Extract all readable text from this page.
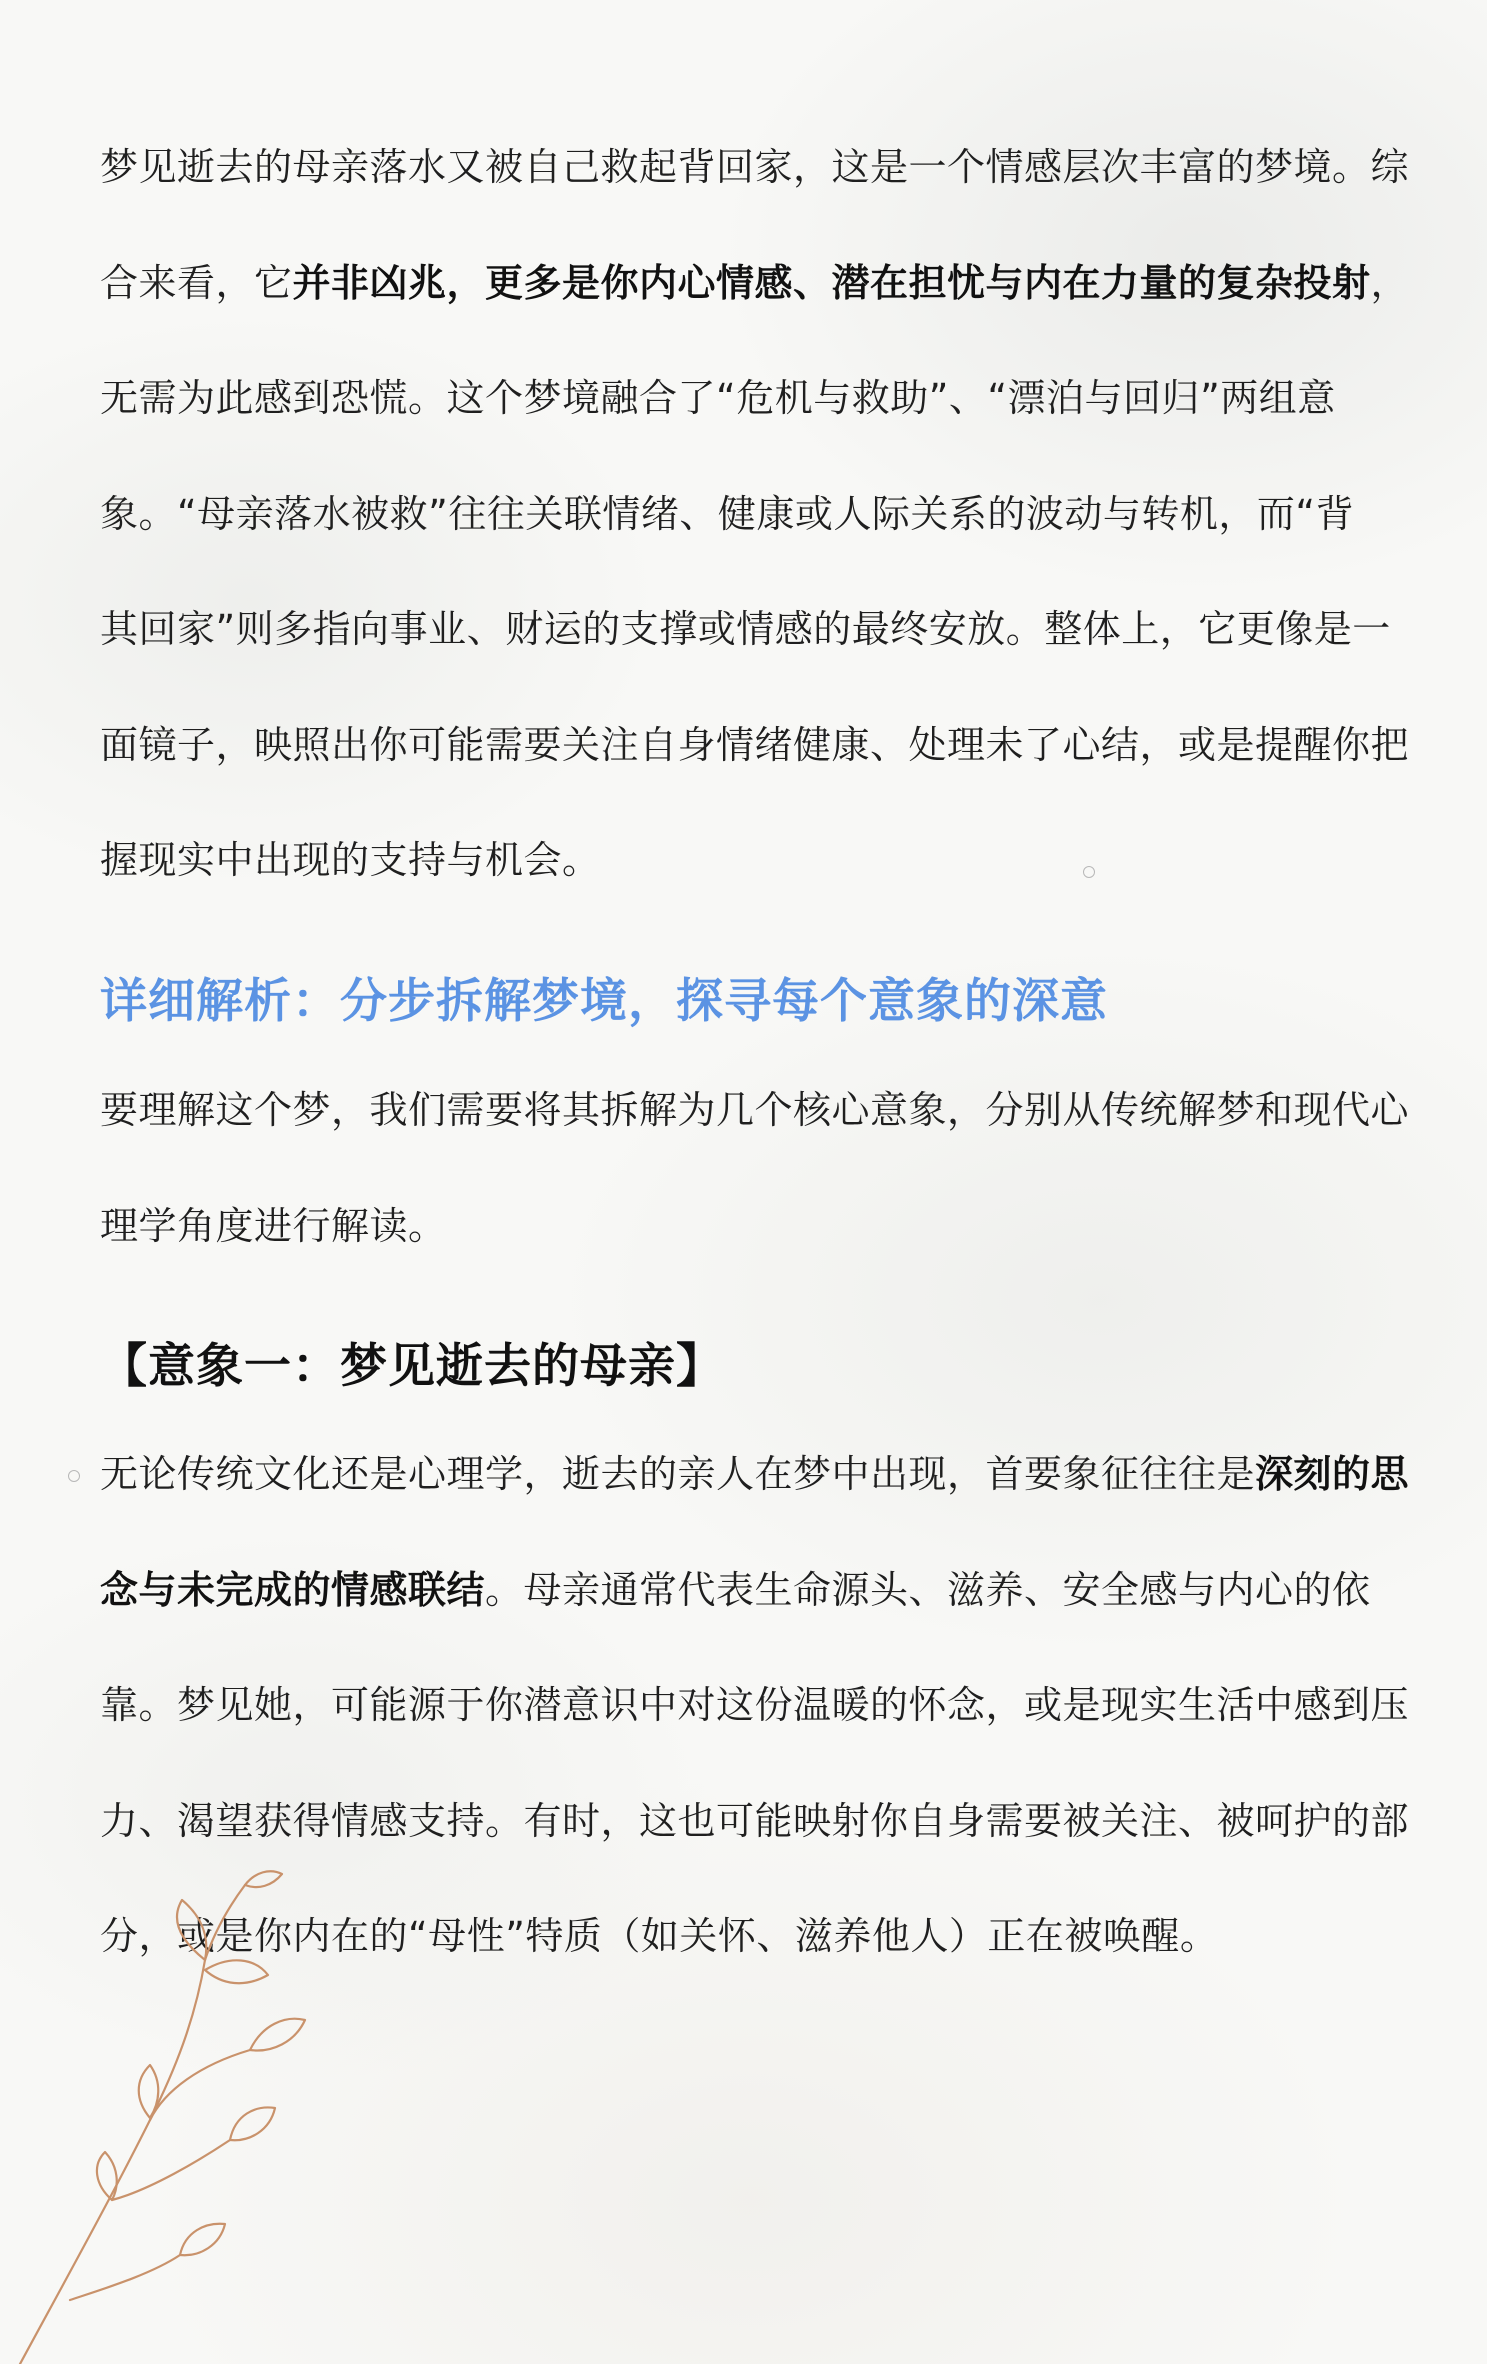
梦见逝去的母亲落水又被自己救起背回家，这是一个情感层次丰富的梦境。综
合来看，它并非凶兆，更多是你内心情感、潜在担忧与内在力量的复杂投射，
无需为此感到恐慌。这个梦境融合了“危机与救助”、“漂泊与回归”两组意
象。“母亲落水被救”往往关联情绪、健康或人际关系的波动与转机，而“背
其回家”则多指向事业、财运的支撑或情感的最终安放。整体上，它更像是一
面镜子，映照出你可能需要关注自身情绪健康、处理未了心结，或是提醒你把
握现实中出现的支持与机会。
详细解析：分步拆解梦境，探寻每个意象的深意
要理解这个梦，我们需要将其拆解为几个核心意象，分别从传统解梦和现代心
理学角度进行解读。
【意象一：梦见逝去的母亲】
无论传统文化还是心理学，逝去的亲人在梦中出现，首要象征往往是深刻的思
念与未完成的情感联结。母亲通常代表生命源头、滋养、安全感与内心的依
靠。梦见她，可能源于你潜意识中对这份温暖的怀念，或是现实生活中感到压
力、渴望获得情感支持。有时，这也可能映射你自身需要被关注、被呵护的部
分，或是你内在的“母性”特质（如关怀、滋养他人）正在被唤醒。
